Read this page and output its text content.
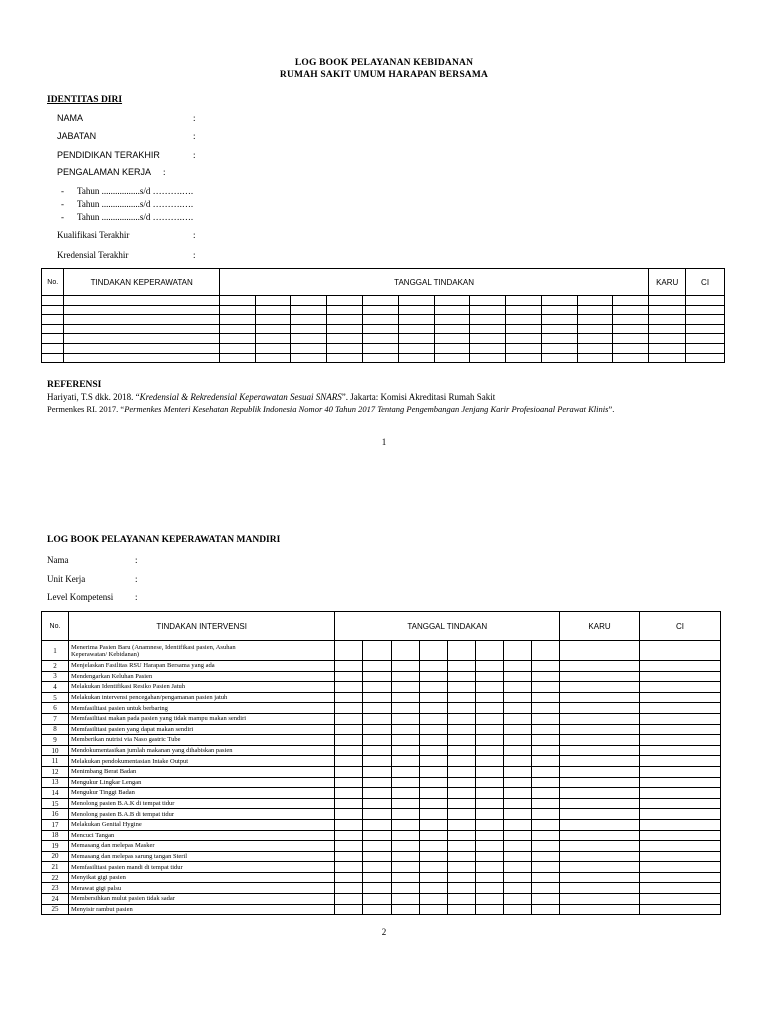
LOG BOOK PELAYANAN KEBIDANAN
RUMAH SAKIT UMUM HARAPAN BERSAMA
IDENTITAS DIRI
NAMA	:
JABATAN	:
PENDIDIKAN TERAKHIR	:
PENGALAMAN KERJA :
- Tahun .................s/d ……….….
- Tahun .................s/d ……….….
- Tahun .................s/d ……….….
Kualifikasi Terakhir	:
Kredensial Terakhir	:
No.	TINDAKAN KEPERAWATAN	TANGGAL TINDAKAN												KARU	CI

REFERENSI
Hariyati, T.S dkk. 2018. “Kredensial & Rekredensial Keperawatan Sesuai SNARS”. Jakarta: Komisi Akreditasi Rumah Sakit
Permenkes RI. 2017. “Permenkes Menteri Kesehatan Republik Indonesia Nomor 40 Tahun 2017 Tentang Pengembangan Jenjang Karir Profesioanal Perawat Klinis”.
1
LOG BOOK PELAYANAN KEPERAWATAN MANDIRI
Nama	:
Unit Kerja	:
Level Kompetensi :
No.	TINDAKAN INTERVENSI	TANGGAL TINDAKAN								KARU	CI
1	Menerima Pasien Baru (Anamnese, Identifikasi pasien, Asuhan
Keperawatan/ Kebidanan)										

2	Menjelaskan Fasilitas RSU Harapan Bersama yang ada										

3	Mendengarkan Keluhan Pasien										

4	Melakukan Identifikasi Resiko Pasien Jatuh										

5	Melakukan intervensi pencegahan/pengamanan pasien jatuh										

6	Memfasilitasi pasien untuk berbaring										

7	Memfasilitasi makan pada pasien yang tidak mampu makan sendiri										

8	Memfasilitasi pasien yang dapat makan sendiri										

9	Memberikan nutrisi via Naso gastric Tube										

10	Mendokumentasikan jumlah makanan yang dihabiskan pasien										

11	Melakukan pendokumentasian Intake Output										

12	Menimbang Berat Badan										

13	Mengukur Lingkar Lengan										

14	Mengukur Tinggi Badan										

15	Menolong pasien B.A.K di tempat tidur										

16	Menolong pasien B.A.B di tempat tidur										

17	Melakukan Genital Hygine										

18	Mencuci Tangan										

19	Memasang dan melepas Masker										

20	Memasang dan melepas sarung tangan Steril										

21	Memfasilitasi pasien mandi di tempat tidur										

22	Menyikat gigi pasien										

23	Merawat gigi palsu										

24	Membersihkan mulut pasien tidak sadar										

25	Menyisir rambut pasien										

2
